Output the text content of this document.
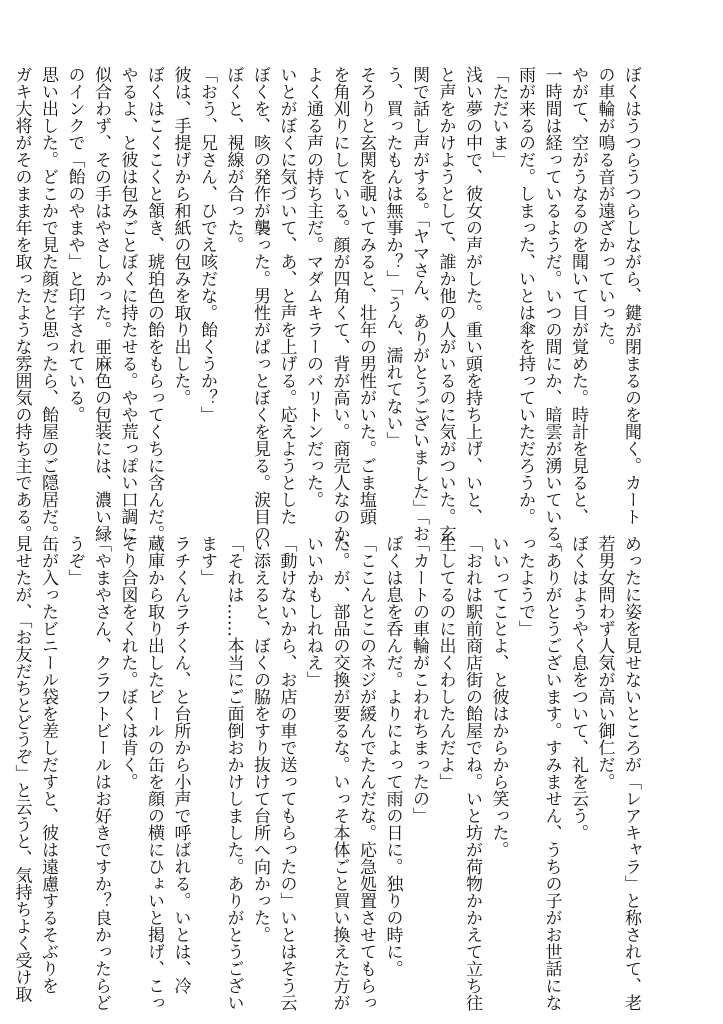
ぼくはうつらうつらしながら、鍵が閉まるのを聞く。カート
の車輪が鳴る音が遠ざかっていった。
やがて、空がうなるのを聞いて目が覚めた。時計を見ると、
一時間は経っているようだ。いつの間にか、暗雲が湧いている。
雨が来るのだ。しまった、いとは傘を持っていただろうか。
「ただいま」
浅い夢の中で、彼女の声がした。重い頭を持ち上げ、いと、
と声をかけようとして、誰か他の人がいるのに気がついた。玄
関で話し声がする。「ヤマさん、ありがとうございました」「お
う、買ったもんは無事か？」「うん、濡れてない」
そろりと玄関を覗いてみると、壮年の男性がいた。ごま塩頭
を角刈りにしている。顔が四角くて、背が高い。商売人なのか、
よく通る声の持ち主だ。マダムキラーのバリトンだった。
いとがぼくに気づいて、あ、と声を上げる。応えようとした
ぼくを、咳の発作が襲った。男性がぱっとぼくを見る。涙目の
ぼくと、視線が合った。
「おう、兄さん、ひでえ咳だな。飴くうか？」
彼は、手提げから和紙の包みを取り出した。
ぼくはこくこくと頷き、琥珀色の飴をもらってくちに含んだ。
やるよ、と彼は包みごとぼくに持たせる。やや荒っぽい口調に
似合わず、その手はやさしかった。亜麻色の包装には、濃い緑
のインクで「飴のやまや」と印字されている。
思い出した。どこかで見た顔だと思ったら、飴屋のご隠居だ。
ガキ大将がそのまま年を取ったような雰囲気の持ち主である。
めったに姿を見せないところが「レアキャラ」と称されて、老
若男女問わず人気が高い御仁だ。
ぼくはようやく息をついて、礼を云う。
「ありがとうございます。すみません、うちの子がお世話にな
ったようで」
いいってことよ、と彼はからから笑った。
「おれは駅前商店街の飴屋でね。いと坊が荷物かかえて立ち往
生してるのに出くわしたんだよ」
「カートの車輪がこわれちまったの」
ぼくは息を呑んだ。よりによって雨の日に。独りの時に。
「ここんとこのネジが緩んでたんだな。応急処置させてもらっ
た。が、部品の交換が要るな。いっそ本体ごと買い換えた方が
いいかもしれねえ」
「動けないから、お店の車で送ってもらったの」いとはそう云
い添えると、ぼくの脇をすり抜けて台所へ向かった。
「それは……本当にご面倒おかけしました。ありがとうござい
ます」
ラチくんラチくん、と台所から小声で呼ばれる。いとは、冷
蔵庫から取り出したビールの缶を顔の横にひょいと掲げ、こっ
そり合図をくれた。ぼくは肯く。
「やまやさん、クラフトビールはお好きですか？良かったらど
うぞ」
缶が入ったビニール袋を差しだすと、彼は遠慮するそぶりを
見せたが、「お友だちとどうぞ」と云うと、気持ちよく受け取
